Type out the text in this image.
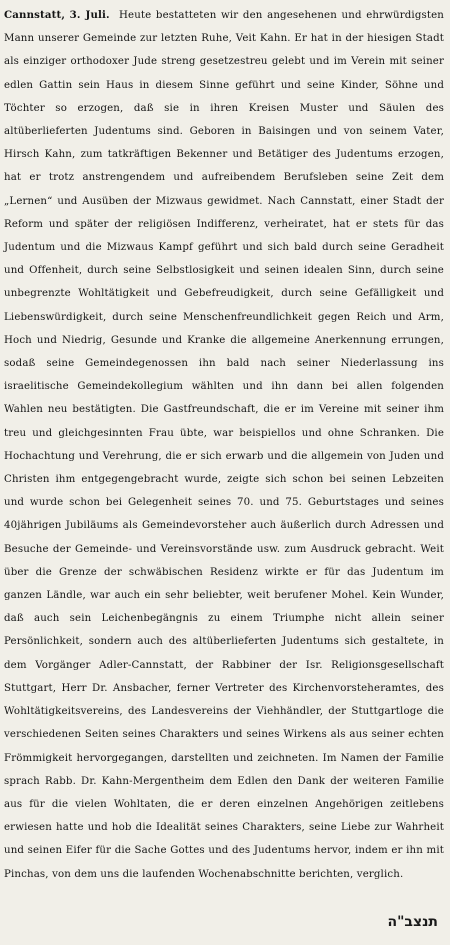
Cannstatt, 3. Juli. Heute bestatteten wir den angesehenen und ehrwürdigsten Mann unserer Gemeinde zur letzten Ruhe, Veit Kahn. Er hat in der hiesigen Stadt als einziger orthodoxer Jude streng gesetzestreu gelebt und im Verein mit seiner edlen Gattin sein Haus in diesem Sinne geführt und seine Kinder, Söhne und Töchter so erzogen, daß sie in ihren Kreisen Muster und Säulen des altüberlieferten Judentums sind. Geboren in Baisingen und von seinem Vater, Hirsch Kahn, zum tatkräftigen Bekenner und Betätiger des Judentums erzogen, hat er trotz anstrengendem und aufreibendem Berufsleben seine Zeit dem „Lernen“ und Ausüben der Mizwaus gewidmet. Nach Cannstatt, einer Stadt der Reform und später der religiösen Indifferenz, verheiratet, hat er stets für das Judentum und die Mizwaus Kampf geführt und sich bald durch seine Geradheit und Offenheit, durch seine Selbstlosigkeit und seinen idealen Sinn, durch seine unbegrenzte Wohltätigkeit und Gebefreudigkeit, durch seine Gefälligkeit und Liebenswürdigkeit, durch seine Menschenfreundlichkeit gegen Reich und Arm, Hoch und Niedrig, Gesunde und Kranke die allgemeine Anerkennung errungen, sodaß seine Gemeindegenossen ihn bald nach seiner Niederlassung ins israelitische Gemeindekollegium wählten und ihn dann bei allen folgenden Wahlen neu bestätigten. Die Gastfreundschaft, die er im Vereine mit seiner ihm treu und gleichgesinnten Frau übte, war beispiellos und ohne Schranken. Die Hochachtung und Verehrung, die er sich erwarb und die allgemein von Juden und Christen ihm entgegengebracht wurde, zeigte sich schon bei seinen Lebzeiten und wurde schon bei Gelegenheit seines 70. und 75. Geburtstages und seines 40jährigen Jubiläums als Gemeindevorsteher auch äußerlich durch Adressen und Besuche der Gemeinde- und Vereinsvorstände usw. zum Ausdruck gebracht. Weit über die Grenze der schwäbischen Residenz wirkte er für das Judentum im ganzen Ländle, war auch ein sehr beliebter, weit berufener Mohel. Kein Wunder, daß auch sein Leichenbegängnis zu einem Triumphe nicht allein seiner Persönlichkeit, sondern auch des altüberlieferten Judentums sich gestaltete, in dem Vorgänger Adler-Cannstatt, der Rabbiner der Isr. Religionsgesellschaft Stuttgart, Herr Dr. Ansbacher, ferner Vertreter des Kirchenvorsteheramtes, des Wohltätigkeitsvereins, des Landesvereins der Viehhändler, der Stuttgartloge die verschiedenen Seiten seines Charakters und seines Wirkens als aus seiner echten Frömmigkeit hervorgegangen, darstellten und zeichneten. Im Namen der Familie sprach Rabb. Dr. Kahn-Mergentheim dem Edlen den Dank der weiteren Familie aus für die vielen Wohltaten, die er deren einzelnen Angehörigen zeitlebens erwiesen hatte und hob die Idealität seines Charakters, seine Liebe zur Wahrheit und seinen Eifer für die Sache Gottes und des Judentums hervor, indem er ihn mit Pinchas, von dem uns die laufenden Wochenabschnitte berichten, verglich.

תנצב"ה
